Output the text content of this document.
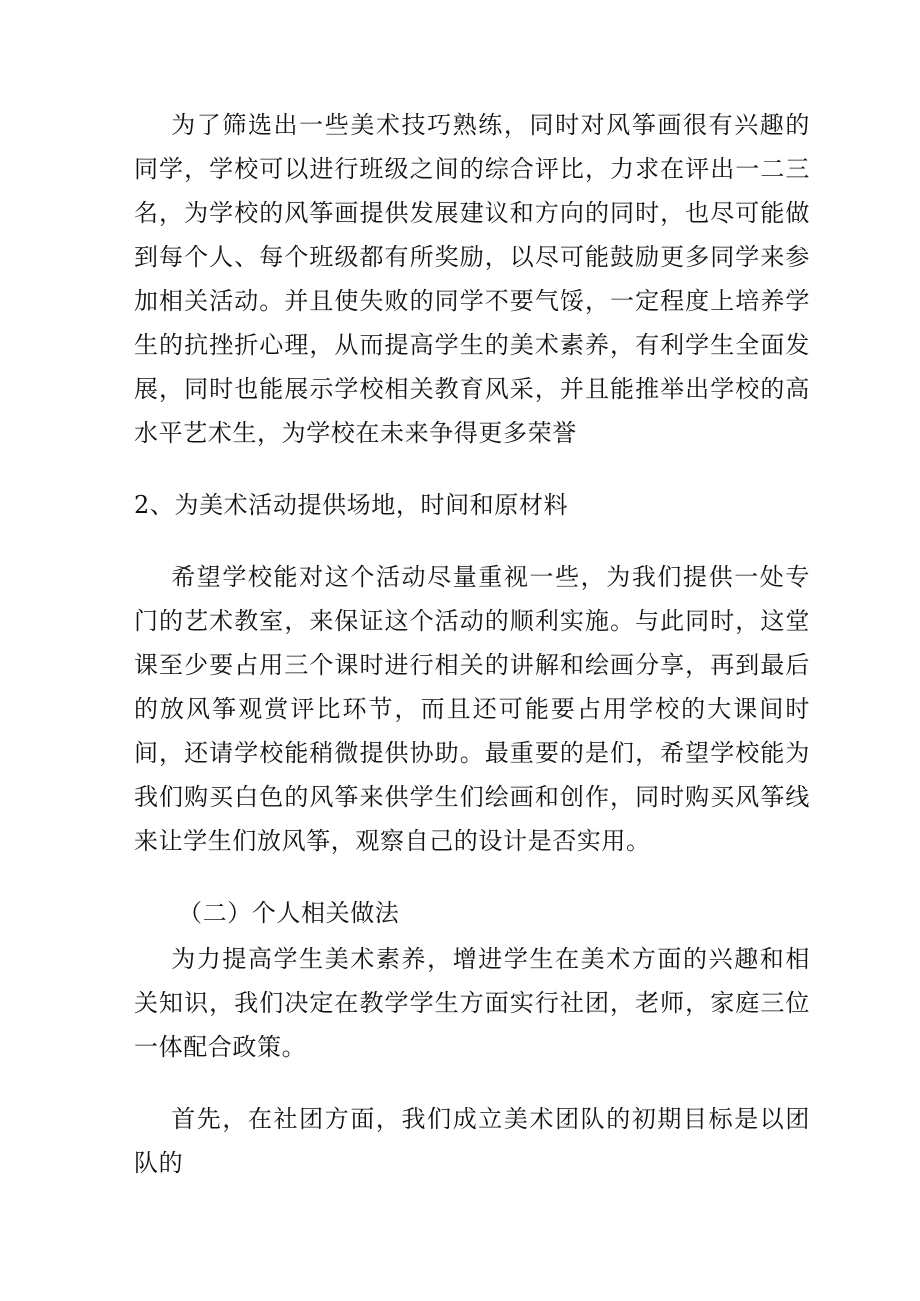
为了筛选出一些美术技巧熟练，同时对风筝画很有兴趣的同学，学校可以进行班级之间的综合评比，力求在评出一二三名，为学校的风筝画提供发展建议和方向的同时，也尽可能做到每个人、每个班级都有所奖励，以尽可能鼓励更多同学来参加相关活动。并且使失败的同学不要气馁，一定程度上培养学生的抗挫折心理，从而提高学生的美术素养，有利学生全面发展，同时也能展示学校相关教育风采，并且能推举出学校的高水平艺术生，为学校在未来争得更多荣誉

2、为美术活动提供场地，时间和原材料

希望学校能对这个活动尽量重视一些，为我们提供一处专门的艺术教室，来保证这个活动的顺利实施。与此同时，这堂课至少要占用三个课时进行相关的讲解和绘画分享，再到最后的放风筝观赏评比环节，而且还可能要占用学校的大课间时间，还请学校能稍微提供协助。最重要的是们，希望学校能为我们购买白色的风筝来供学生们绘画和创作，同时购买风筝线来让学生们放风筝，观察自己的设计是否实用。

（二）个人相关做法

为力提高学生美术素养，增进学生在美术方面的兴趣和相关知识，我们决定在教学学生方面实行社团，老师，家庭三位一体配合政策。

首先，在社团方面，我们成立美术团队的初期目标是以团队的
